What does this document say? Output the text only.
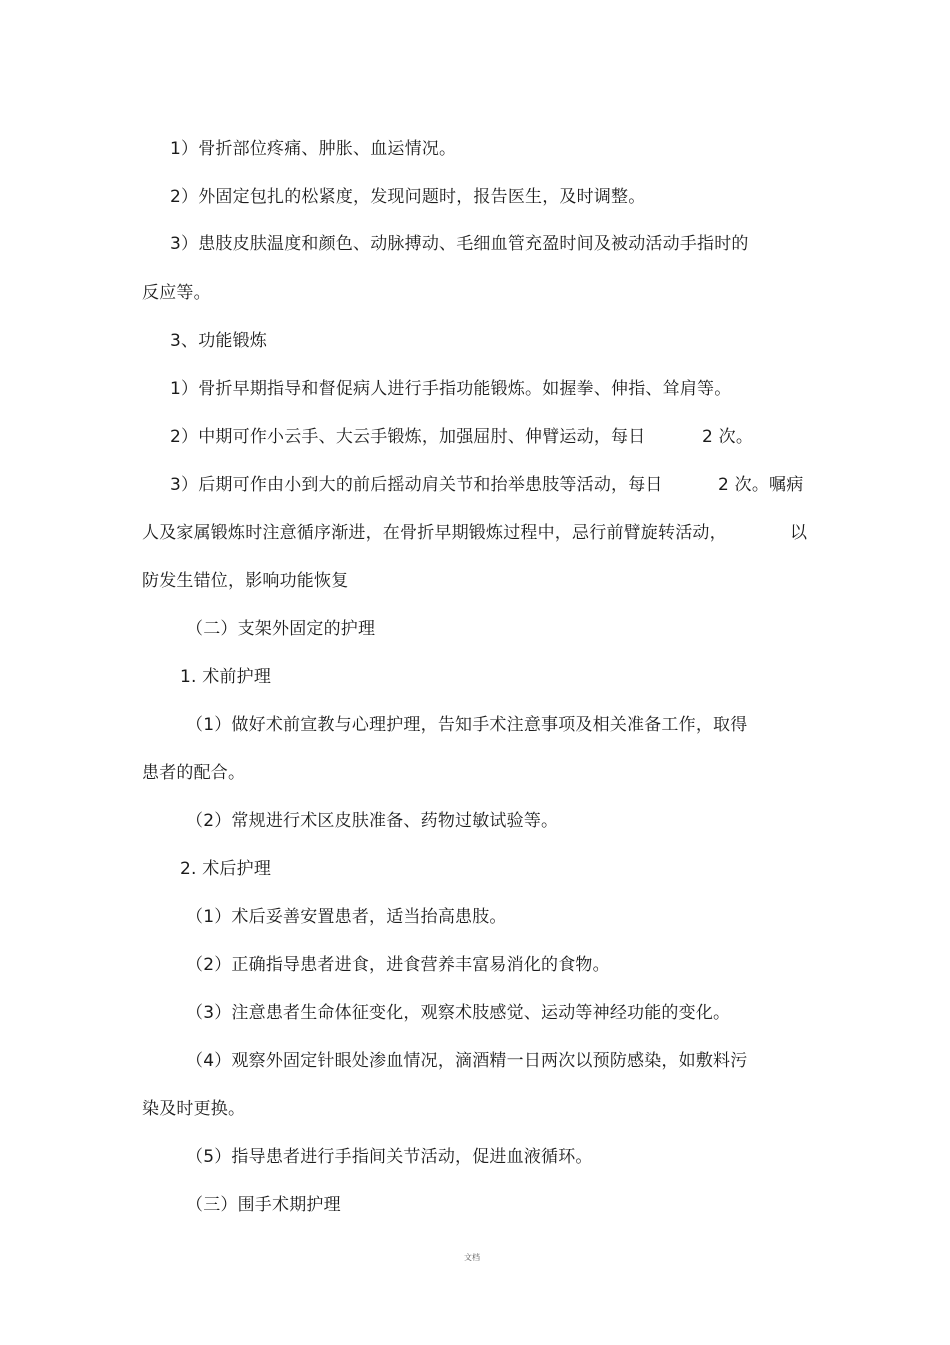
1）骨折部位疼痛、肿胀、血运情况。
2）外固定包扎的松紧度，发现问题时，报告医生，及时调整。
3）患肢皮肤温度和颜色、动脉搏动、毛细血管充盈时间及被动活动手指时的
反应等。
3、功能锻炼
1）骨折早期指导和督促病人进行手指功能锻炼。如握拳、伸指、耸肩等。
2）中期可作小云手、大云手锻炼，加强屈肘、伸臂运动，每日	2 次。
3）后期可作由小到大的前后摇动肩关节和抬举患肢等活动，每日	2 次。嘱病
人及家属锻炼时注意循序渐进，在骨折早期锻炼过程中，忌行前臂旋转活动，	以
防发生错位，影响功能恢复
（二）支架外固定的护理
1. 术前护理
（1）做好术前宣教与心理护理，告知手术注意事项及相关准备工作，取得
患者的配合。
（2）常规进行术区皮肤准备、药物过敏试验等。
2. 术后护理
（1）术后妥善安置患者，适当抬高患肢。
（2）正确指导患者进食，进食营养丰富易消化的食物。
（3）注意患者生命体征变化，观察术肢感觉、运动等神经功能的变化。
（4）观察外固定针眼处渗血情况，滴酒精一日两次以预防感染，如敷料污
染及时更换。
（5）指导患者进行手指间关节活动，促进血液循环。
（三）围手术期护理
文档
